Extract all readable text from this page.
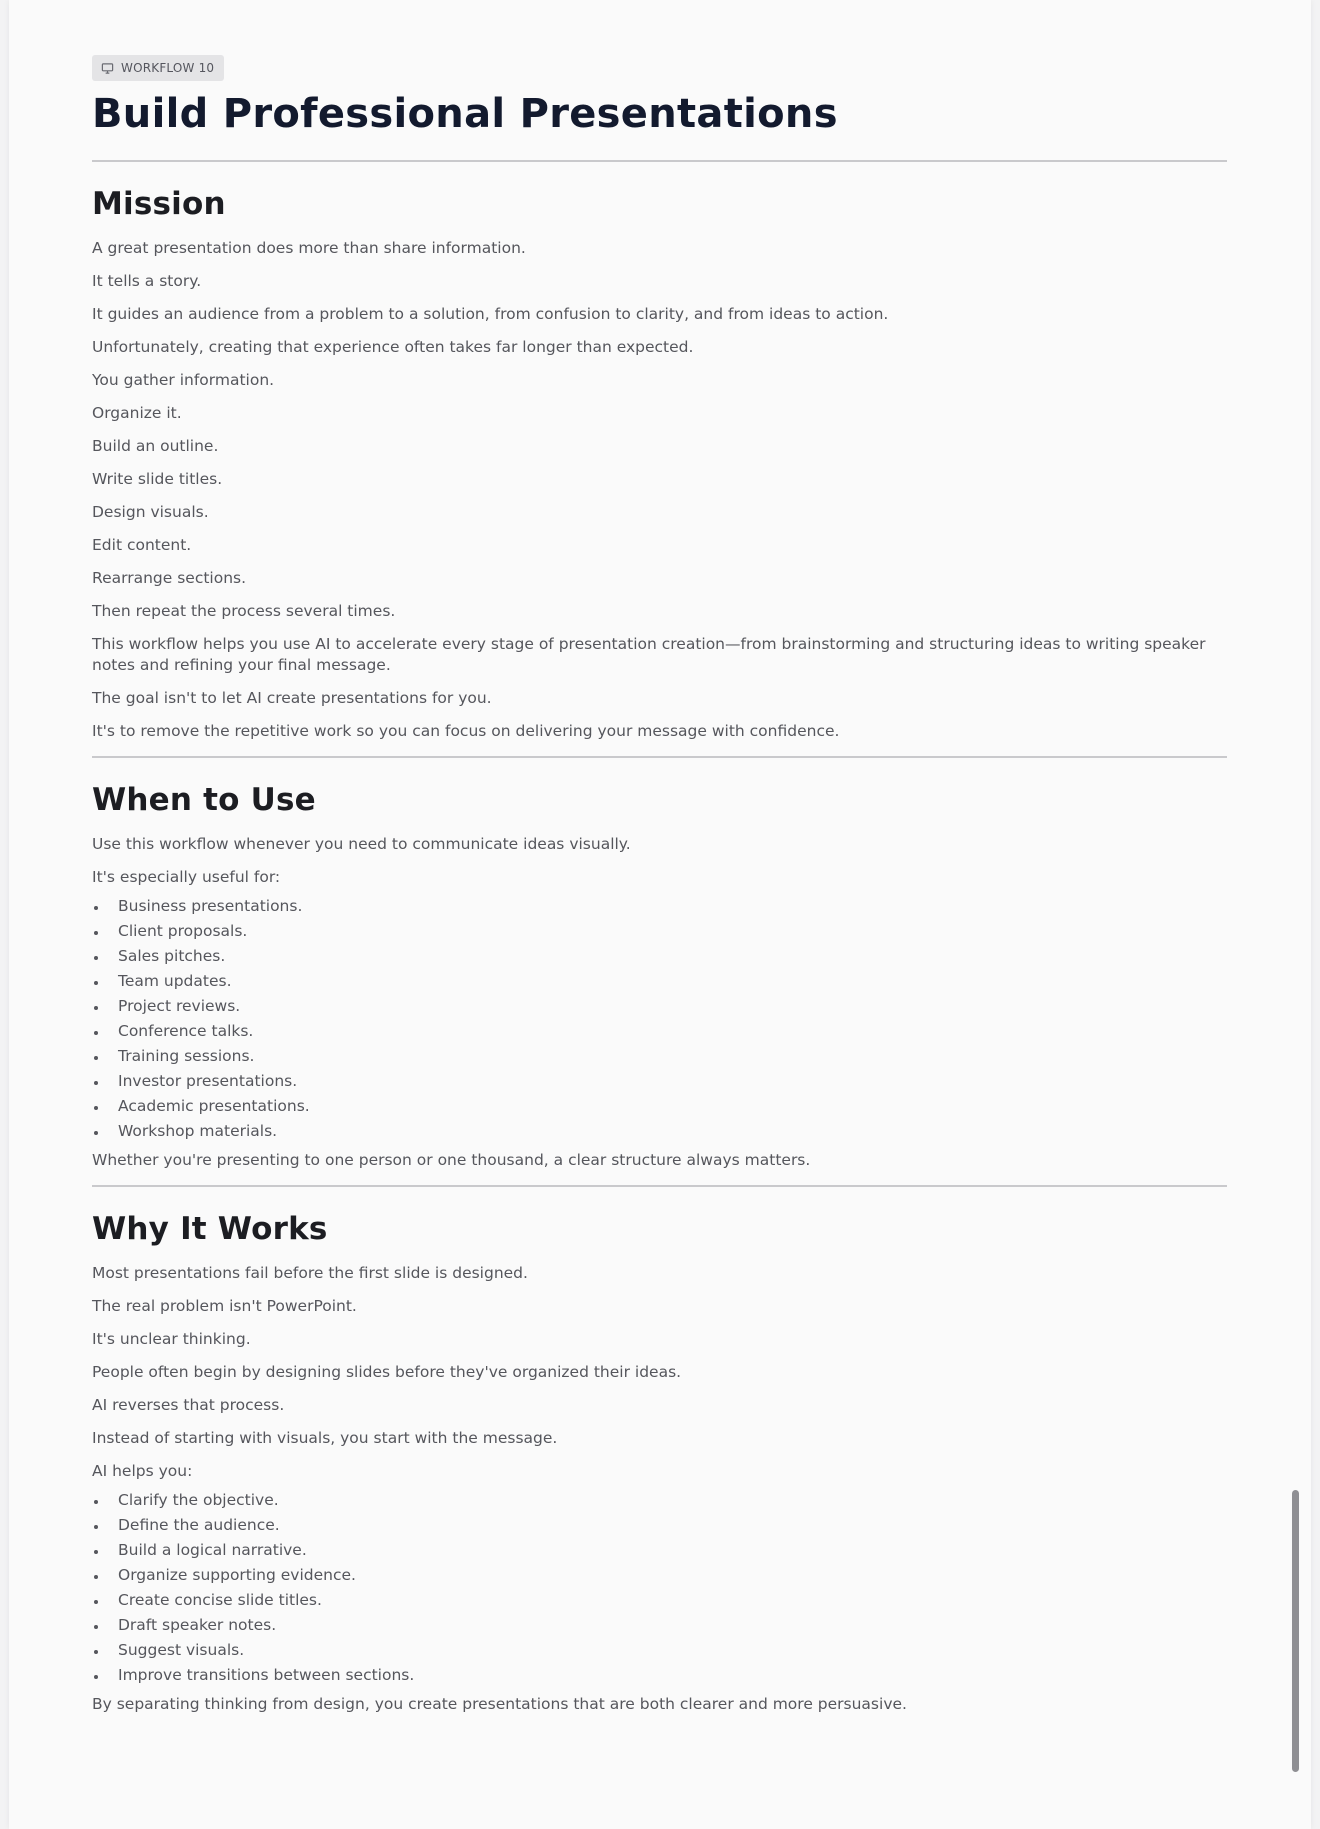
WORKFLOW 10
Build Professional Presentations
Mission

A great presentation does more than share information.

It tells a story.

It guides an audience from a problem to a solution, from confusion to clarity, and from ideas to action.

Unfortunately, creating that experience often takes far longer than expected.

You gather information.

Organize it.

Build an outline.

Write slide titles.

Design visuals.

Edit content.

Rearrange sections.

Then repeat the process several times.

This workflow helps you use AI to accelerate every stage of presentation creation—from brainstorming and structuring ideas to writing speaker notes and refining your final message.

The goal isn't to let AI create presentations for you.

It's to remove the repetitive work so you can focus on delivering your message with confidence.

When to Use

Use this workflow whenever you need to communicate ideas visually.

It's especially useful for:

Business presentations.
Client proposals.
Sales pitches.
Team updates.
Project reviews.
Conference talks.
Training sessions.
Investor presentations.
Academic presentations.
Workshop materials.

Whether you're presenting to one person or one thousand, a clear structure always matters.

Why It Works

Most presentations fail before the first slide is designed.

The real problem isn't PowerPoint.

It's unclear thinking.

People often begin by designing slides before they've organized their ideas.

AI reverses that process.

Instead of starting with visuals, you start with the message.

AI helps you:

Clarify the objective.
Define the audience.
Build a logical narrative.
Organize supporting evidence.
Create concise slide titles.
Draft speaker notes.
Suggest visuals.
Improve transitions between sections.

By separating thinking from design, you create presentations that are both clearer and more persuasive.
